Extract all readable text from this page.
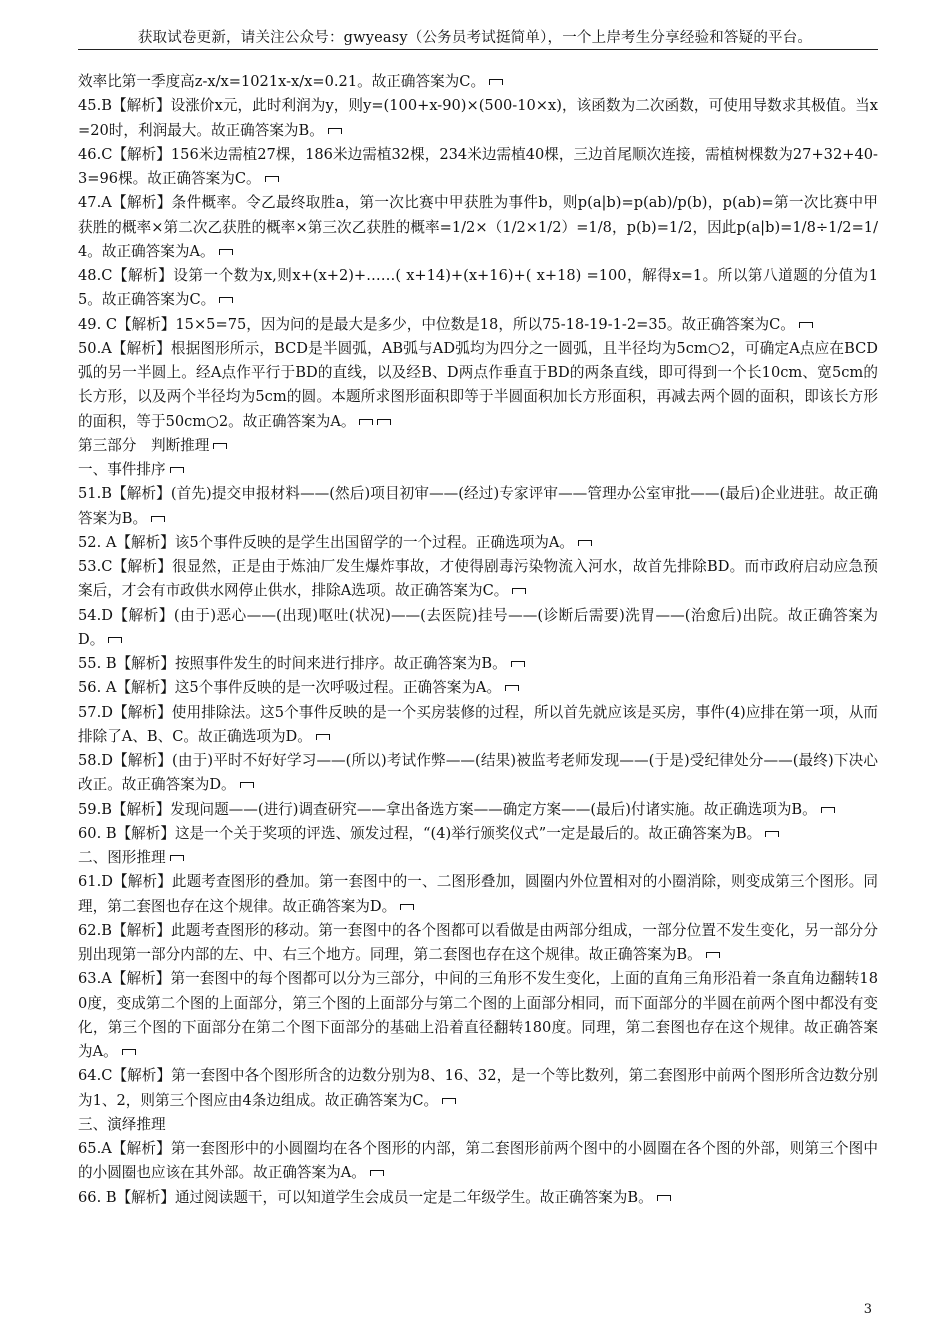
获取试卷更新，请关注公众号：gwyeasy（公务员考试挺简单），一个上岸考生分享经验和答疑的平台。

效率比第一季度高z-x/x=1021x-x/x=0.21。故正确答案为C。

45.B【解析】设涨价x元，此时利润为y，则y=(100+x-90)×(500-10×x)，该函数为二次函数，可使用导数求其极值。当x=20时，利润最大。故正确答案为B。

46.C【解析】156米边需植27棵，186米边需植32棵，234米边需植40棵，三边首尾顺次连接，需植树棵数为27+32+40-3=96棵。故正确答案为C。

47.A【解析】条件概率。令乙最终取胜a，第一次比赛中甲获胜为事件b，则p(a|b)=p(ab)/p(b)，p(ab)=第一次比赛中甲获胜的概率×第二次乙获胜的概率×第三次乙获胜的概率=1/2×（1/2×1/2）=1/8，p(b)=1/2，因此p(a|b)=1/8÷1/2=1/4。故正确答案为A。

48.C【解析】设第一个数为x,则x+(x+2)+……( x+14)+(x+16)+( x+18) =100，解得x=1。所以第八道题的分值为15。故正确答案为C。

49. C【解析】15×5=75，因为问的是最大是多少，中位数是18，所以75-18-19-1-2=35。故正确答案为C。

50.A【解析】根据图形所示，BCD是半圆弧，AB弧与AD弧均为四分之一圆弧，且半径均为5cm○2，可确定A点应在BCD弧的另一半圆上。经A点作平行于BD的直线，以及经B、D两点作垂直于BD的两条直线，即可得到一个长10cm、宽5cm的长方形，以及两个半径均为5cm的圆。本题所求图形面积即等于半圆面积加长方形面积，再减去两个圆的面积，即该长方形的面积，等于50cm○2。故正确答案为A。

第三部分　判断推理

一、事件排序

51.B【解析】(首先)提交申报材料——(然后)项目初审——(经过)专家评审——管理办公室审批——(最后)企业进驻。故正确答案为B。

52. A【解析】该5个事件反映的是学生出国留学的一个过程。正确选项为A。

53.C【解析】很显然，正是由于炼油厂发生爆炸事故，才使得剧毒污染物流入河水，故首先排除BD。而市政府启动应急预案后，才会有市政供水网停止供水，排除A选项。故正确答案为C。

54.D【解析】(由于)恶心——(出现)呕吐(状况)——(去医院)挂号——(诊断后需要)洗胃——(治愈后)出院。故正确答案为D。

55. B【解析】按照事件发生的时间来进行排序。故正确答案为B。

56. A【解析】这5个事件反映的是一次呼吸过程。正确答案为A。

57.D【解析】使用排除法。这5个事件反映的是一个买房装修的过程，所以首先就应该是买房，事件(4)应排在第一项，从而排除了A、B、C。故正确选项为D。

58.D【解析】(由于)平时不好好学习——(所以)考试作弊——(结果)被监考老师发现——(于是)受纪律处分——(最终)下决心改正。故正确答案为D。

59.B【解析】发现问题——(进行)调查研究——拿出备选方案——确定方案——(最后)付诸实施。故正确选项为B。

60. B【解析】这是一个关于奖项的评选、颁发过程，“(4)举行颁奖仪式”一定是最后的。故正确答案为B。

二、图形推理

61.D【解析】此题考查图形的叠加。第一套图中的一、二图形叠加，圆圈内外位置相对的小圈消除，则变成第三个图形。同理，第二套图也存在这个规律。故正确答案为D。

62.B【解析】此题考查图形的移动。第一套图中的各个图都可以看做是由两部分组成，一部分位置不发生变化，另一部分分别出现第一部分内部的左、中、右三个地方。同理，第二套图也存在这个规律。故正确答案为B。

63.A【解析】第一套图中的每个图都可以分为三部分，中间的三角形不发生变化，上面的直角三角形沿着一条直角边翻转180度，变成第二个图的上面部分，第三个图的上面部分与第二个图的上面部分相同，而下面部分的半圆在前两个图中都没有变化，第三个图的下面部分在第二个图下面部分的基础上沿着直径翻转180度。同理，第二套图也存在这个规律。故正确答案为A。

64.C【解析】第一套图中各个图形所含的边数分别为8、16、32，是一个等比数列，第二套图形中前两个图形所含边数分别为1、2，则第三个图应由4条边组成。故正确答案为C。

三、演绎推理

65.A【解析】第一套图形中的小圆圈均在各个图形的内部，第二套图形前两个图中的小圆圈在各个图的外部，则第三个图中的小圆圈也应该在其外部。故正确答案为A。

66. B【解析】通过阅读题干，可以知道学生会成员一定是二年级学生。故正确答案为B。

3
